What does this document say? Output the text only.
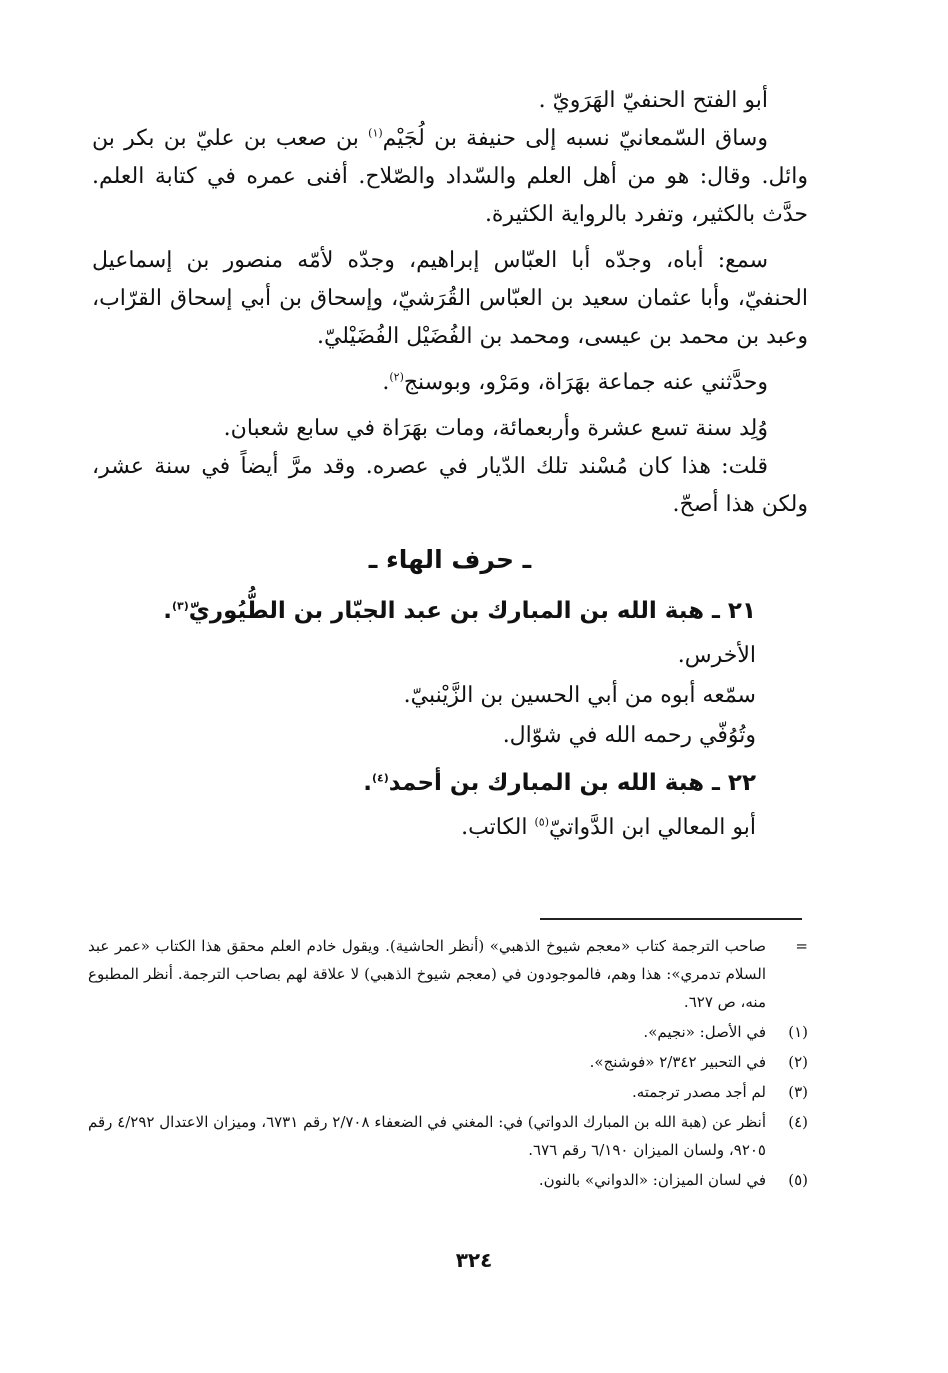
أبو الفتح الحنفيّ الهَرَويّ .

وساق السّمعانيّ نسبه إلى حنيفة بن لُجَيْم$^{(١)}$ بن صعب بن عليّ بن بكر بن وائل. وقال: هو من أهل العلم والسّداد والصّلاح. أفنى عمره في كتابة العلم. حدَّث بالكثير، وتفرد بالرواية الكثيرة.

سمع: أباه، وجدّه أبا العبّاس إبراهيم، وجدّه لأمّه منصور بن إسماعيل الحنفيّ، وأبا عثمان سعيد بن العبّاس القُرَشيّ، وإسحاق بن أبي إسحاق القرّاب، وعبد بن محمد بن عيسى، ومحمد بن الفُضَيْل الفُضَيْليّ.

وحدَّثني عنه جماعة بهَرَاة، ومَرْو، وبوسنج$^{(٢)}$.

وُلِد سنة تسع عشرة وأربعمائة، ومات بهَرَاة في سابع شعبان.

قلت: هذا كان مُسْند تلك الدّيار في عصره. وقد مرَّ أيضاً في سنة عشر، ولكن هذا أصحّ.

ـ حرف الهاء ـ
٢١ ـ هبة الله بن المبارك بن عبد الجبّار بن الطُّيُوريّ$^{(٣)}$.

الأخرس.

سمّعه أبوه من أبي الحسين بن الزَّيْنبيّ.

وتُوُفّي رحمه الله في شوّال.

٢٢ ـ هبة الله بن المبارك بن أحمد$^{(٤)}$.

أبو المعالي ابن الدَّواتيّ$^{(٥)}$ الكاتب.

=
صاحب الترجمة كتاب «معجم شيوخ الذهبي» (أنظر الحاشية). ويقول خادم العلم محقق هذا الكتاب «عمر عبد السلام تدمري»: هذا وهم، فالموجودون في (معجم شيوخ الذهبي) لا علاقة لهم بصاحب الترجمة. أنظر المطبوع منه، ص ٦٢٧.
(١)
في الأصل: «نجيم».
(٢)
في التحبير ٢/٣٤٢ «فوشنج».
(٣)
لم أجد مصدر ترجمته.
(٤)
أنظر عن (هبة الله بن المبارك الدواتي) في: المغني في الضعفاء ٢/٧٠٨ رقم ٦٧٣١، وميزان الاعتدال ٤/٢٩٢ رقم ٩٢٠٥، ولسان الميزان ٦/١٩٠ رقم ٦٧٦.
(٥)
في لسان الميزان: «الدواني» بالنون.
٣٢٤
